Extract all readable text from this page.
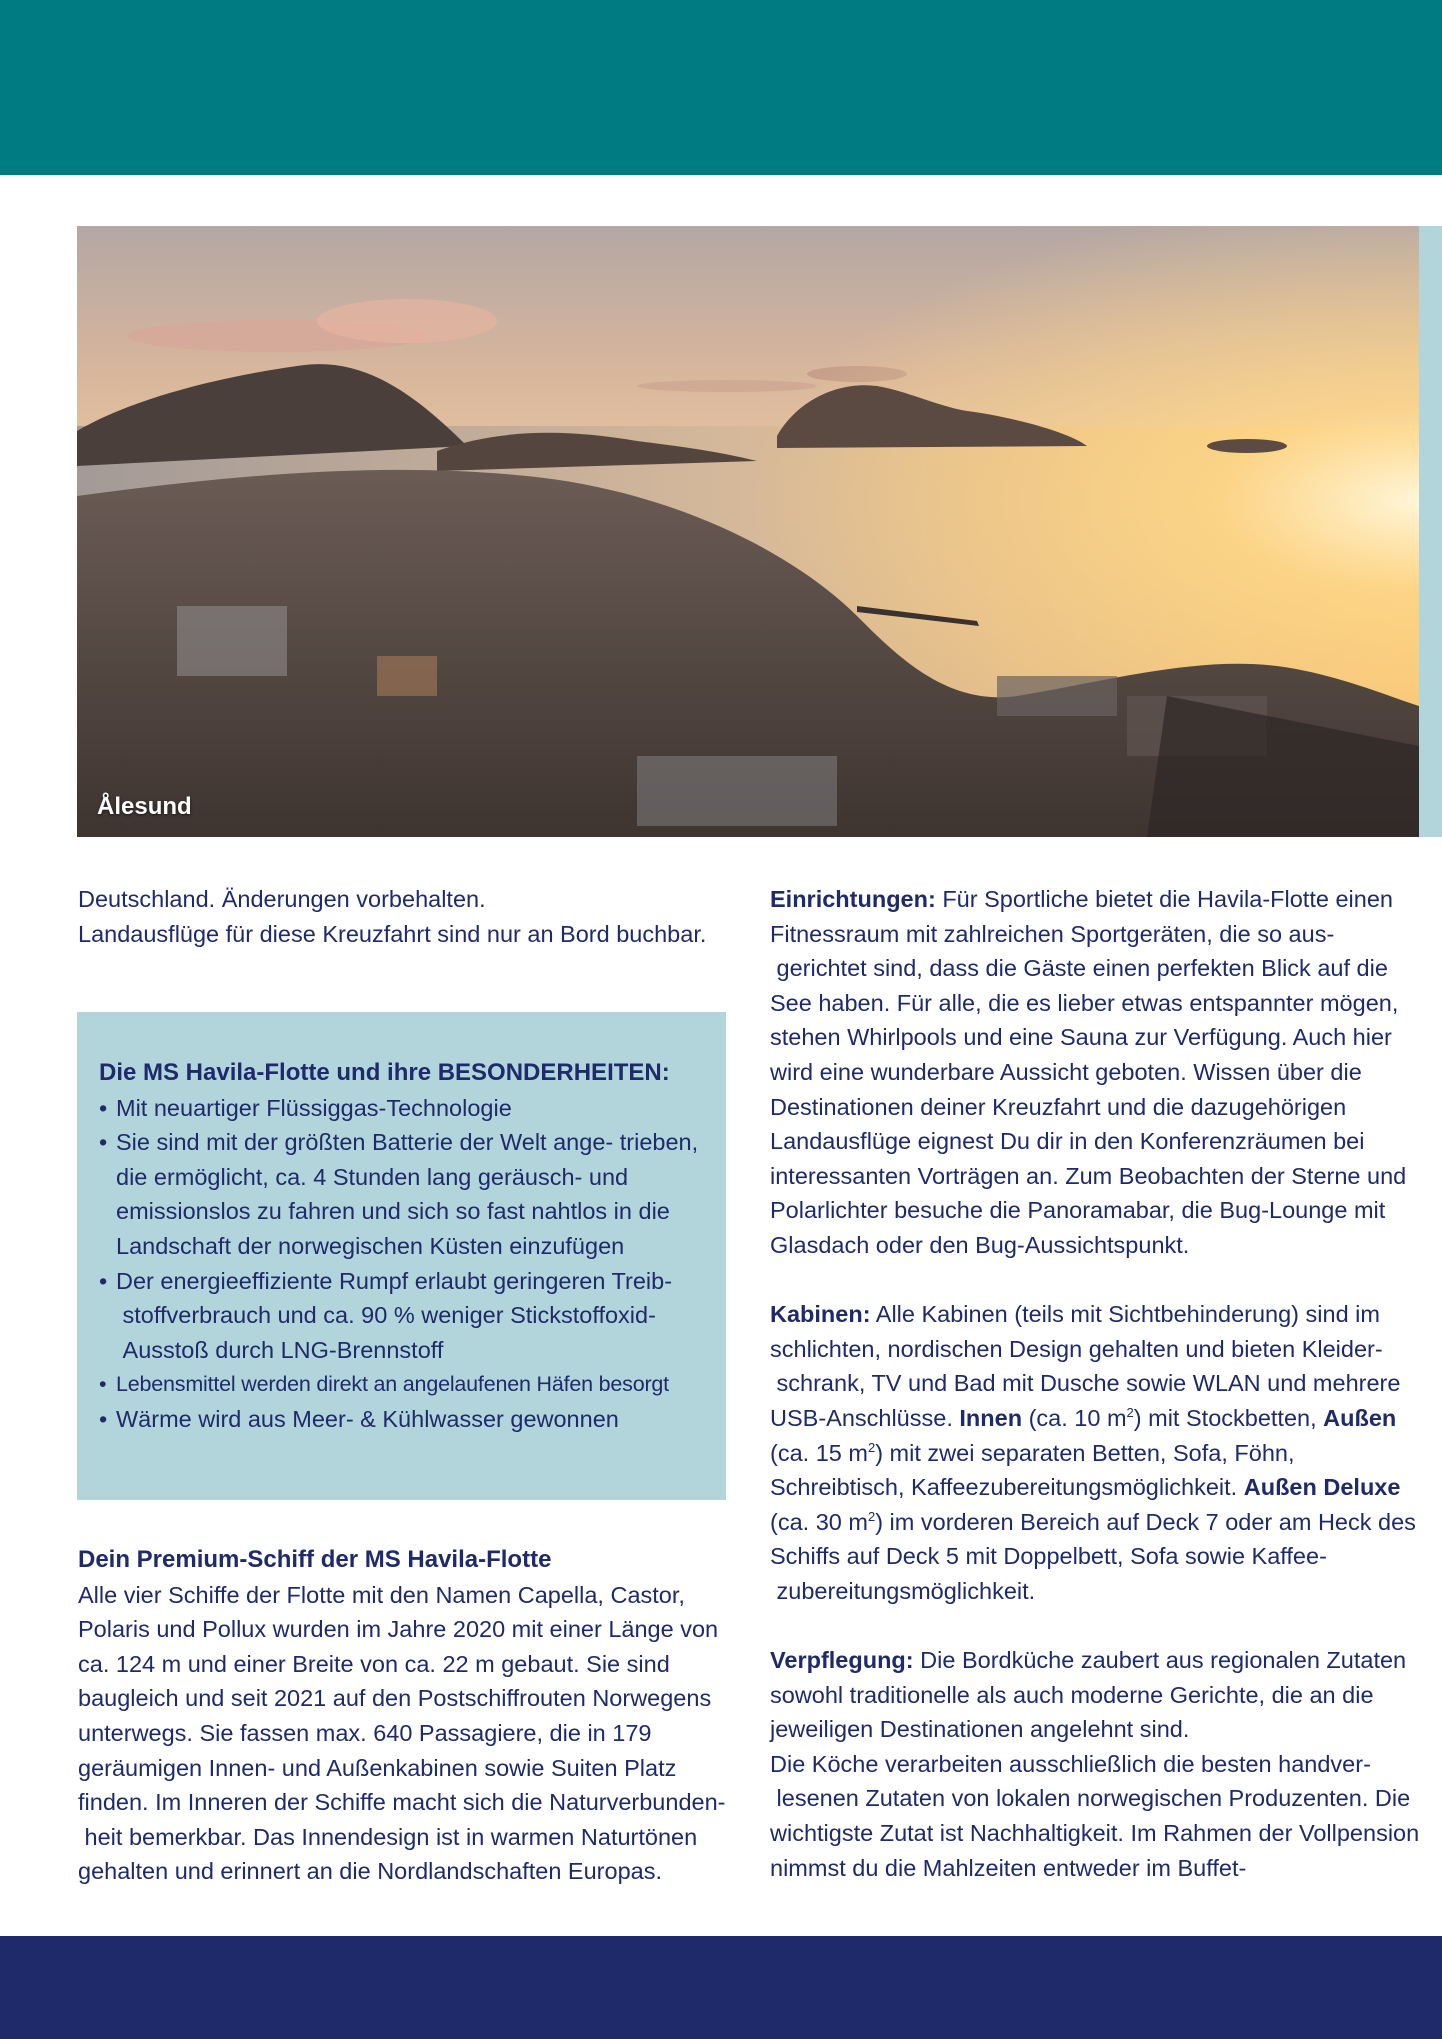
Ålesund

Deutschland. Änderungen vorbehalten.

Landausflüge für diese Kreuzfahrt sind nur an Bord buchbar.

Die MS Havila-Flotte und ihre BESONDERHEITEN:
• Mit neuartiger Flüssiggas-Technologie
• Sie sind mit der größten Batterie der Welt ange- trieben, die ermöglicht, ca. 4 Stunden lang geräusch- und emissionslos zu fahren und sich so fast nahtlos in die Landschaft der norwegischen Küsten einzufügen
• Der energieeffiziente Rumpf erlaubt geringeren Treib- stoffverbrauch und ca. 90 % weniger Stickstoffoxid- Ausstoß durch LNG-Brennstoff
• Lebensmittel werden direkt an angelaufenen Häfen besorgt
• Wärme wird aus Meer- & Kühlwasser gewonnen
Dein Premium-Schiff der MS Havila-Flotte

Alle vier Schiffe der Flotte mit den Namen Capella, Castor, Polaris und Pollux wurden im Jahre 2020 mit einer Länge von ca. 124 m und einer Breite von ca. 22 m gebaut. Sie sind baugleich und seit 2021 auf den Postschiffrouten Norwegens unterwegs. Sie fassen max. 640 Passagiere, die in 179 geräumigen Innen- und Außenkabinen sowie Suiten Platz finden. Im Inneren der Schiffe macht sich die Naturverbunden- heit bemerkbar. Das Innendesign ist in warmen Naturtönen gehalten und erinnert an die Nordlandschaften Europas.

Einrichtungen: Für Sportliche bietet die Havila-Flotte einen Fitnessraum mit zahlreichen Sportgeräten, die so aus- gerichtet sind, dass die Gäste einen perfekten Blick auf die See haben. Für alle, die es lieber etwas entspannter mögen, stehen Whirlpools und eine Sauna zur Verfügung. Auch hier wird eine wunderbare Aussicht geboten. Wissen über die Destinationen deiner Kreuzfahrt und die dazugehörigen Landausflüge eignest Du dir in den Konferenzräumen bei interessanten Vorträgen an. Zum Beobachten der Sterne und Polarlichter besuche die Panoramabar, die Bug-Lounge mit Glasdach oder den Bug-Aussichtspunkt.

Kabinen: Alle Kabinen (teils mit Sichtbehinderung) sind im schlichten, nordischen Design gehalten und bieten Kleider- schrank, TV und Bad mit Dusche sowie WLAN und mehrere USB-Anschlüsse. Innen (ca. 10 $m^2$) mit Stockbetten, Außen (ca. 15 $m^2$) mit zwei separaten Betten, Sofa, Föhn, Schreibtisch, Kaffeezubereitungsmöglichkeit. Außen Deluxe (ca. 30 $m^2$) im vorderen Bereich auf Deck 7 oder am Heck des Schiffs auf Deck 5 mit Doppelbett, Sofa sowie Kaffee- zubereitungsmöglichkeit.

Verpflegung: Die Bordküche zaubert aus regionalen Zutaten sowohl traditionelle als auch moderne Gerichte, die an die jeweiligen Destinationen angelehnt sind.
Die Köche verarbeiten ausschließlich die besten handver- lesenen Zutaten von lokalen norwegischen Produzenten. Die wichtigste Zutat ist Nachhaltigkeit. Im Rahmen der Vollpension nimmst du die Mahlzeiten entweder im Buffet-
